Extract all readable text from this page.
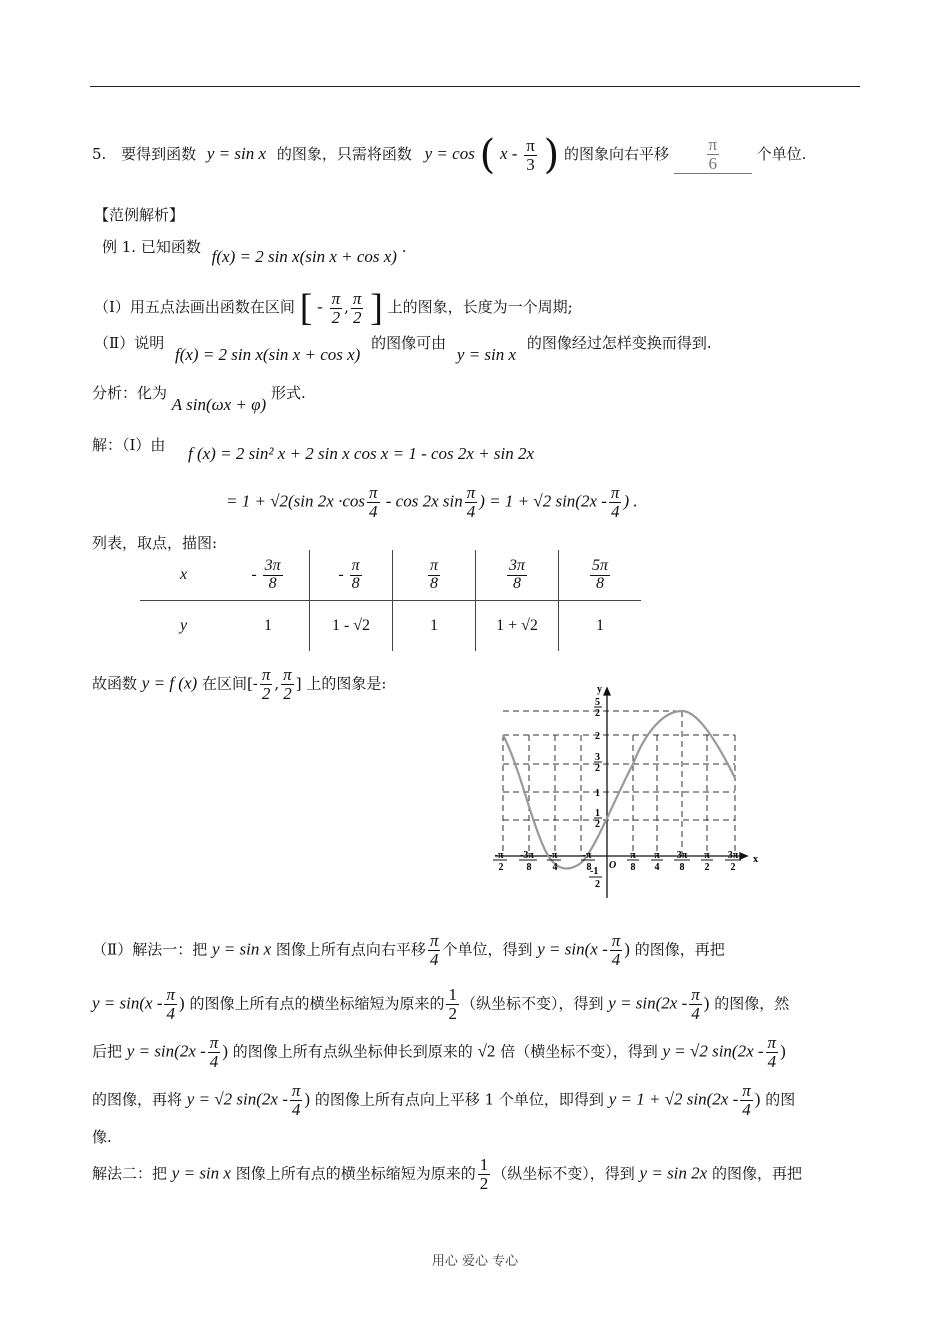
5. 要得到函数 y = sin x 的图象，只需将函数 y = cos ( x - $\frac{\pi}{3}$ ) 的图象向右平移 $\frac{\pi}{6}$ 个单位.
【范例解析】
例 1. 已知函数 f(x) = 2 sin x(sin x + cos x) .
（Ⅰ）用五点法画出函数在区间 [ - $\frac{\pi}{2}$ , $\frac{\pi}{2}$ ] 上的图象，长度为一个周期;
（Ⅱ）说明 f(x) = 2 sin x(sin x + cos x) 的图像可由 y = sin x 的图像经过怎样变换而得到.
分析：化为 A sin(ωx + φ) 形式.
解：（Ⅰ）由 f (x) = 2 sin² x + 2 sin x cos x = 1 - cos 2x + sin 2x
= 1 + √2(sin $2x \cdot\cos \frac{\pi}{4} - \cos 2x$ $\sin \frac{\pi}{4}$ ) = 1 + √2 $\sin(2x - \frac{\pi}{4}$ ) .
列表，取点，描图:
x	- $\frac{3\pi}{8}$	- $\frac{\pi}{8}$	$\frac{\pi}{8}$	$\frac{3\pi}{8}$	$\frac{5\pi}{8}$

y	1	1 - √2	1	1 + √2	1
故函数 y = f (x) 在区间[- $\frac{\pi}{2}$ , $\frac{\pi}{2}$ ] 上的图象是:
x
y
O
5
2
2
3
2
1
1
2
-1
2
-π
2
-3π
8
-π
4
-π
8
π
8
π
4
3π
8
π
2
3π
2
（Ⅱ）解法一：把 y = sin x 图像上所有点向右平移 $\frac{\pi}{4}$ 个单位，得到 $y = \sin(x - \frac{\pi}{4}$ ) 的图像，再把
$y = \sin(x - \frac{\pi}{4}$ ) 的图像上所有点的横坐标缩短为原来的 $\frac{1}{2}$ （纵坐标不变），得到 $y = \sin(2x - \frac{\pi}{4}$ ) 的图像，然
后把 $y = \sin(2x - \frac{\pi}{4}$ ) 的图像上所有点纵坐标伸长到原来的 √2 倍（横坐标不变），得到 y = √2 $\sin(2x - \frac{\pi}{4}$ )
的图像，再将 y = √2 $\sin(2x - \frac{\pi}{4}$ ) 的图像上所有点向上平移 1 个单位，即得到 y = 1 + √2 $\sin(2x - \frac{\pi}{4}$ ) 的图
像.
解法二：把 y = sin x 图像上所有点的横坐标缩短为原来的 $\frac{1}{2}$ （纵坐标不变），得到 y = sin 2x 的图像，再把
用心 爱心 专心
